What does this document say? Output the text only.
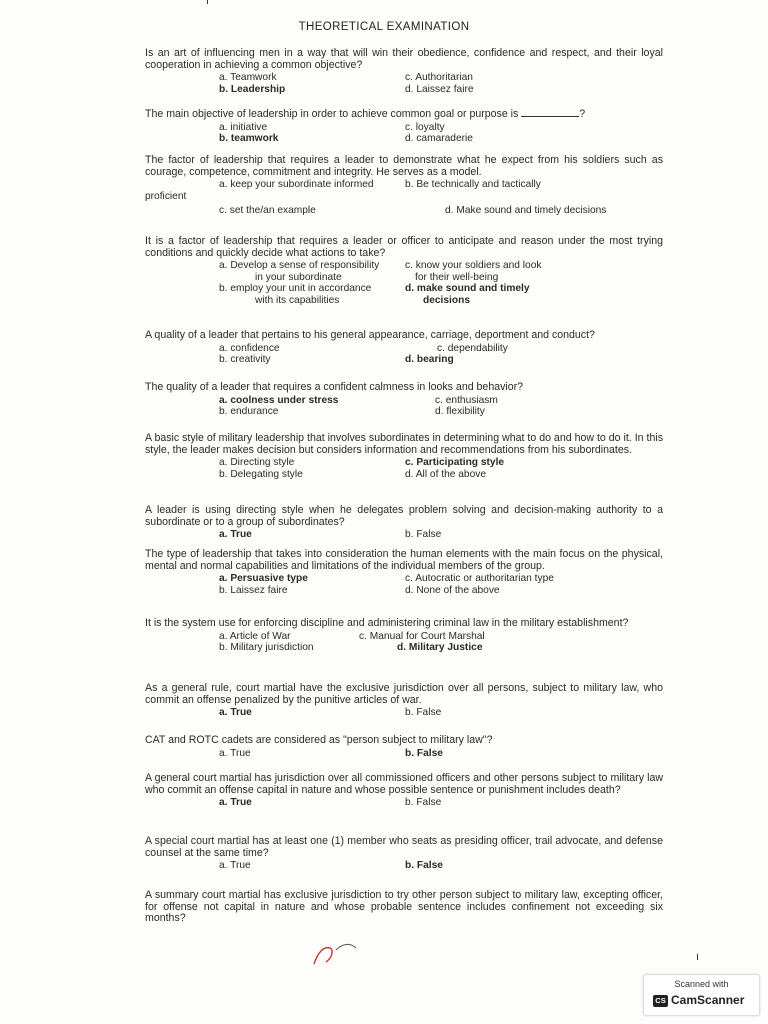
THEORETICAL EXAMINATION

Is an art of influencing men in a way that will win their obedience, confidence and respect, and their loyal cooperation in achieving a common objective?

a. Teamwork	c. Authoritarian
b. Leadership	d. Laissez faire

The main objective of leadership in order to achieve common goal or purpose is	?

a. initiative	c. loyalty
b. teamwork	d. camaraderie

The factor of leadership that requires a leader to demonstrate what he expect from his soldiers such as courage, competence, commitment and integrity. He serves as a model.

a. keep your subordinate informed	b. Be technically and tactically
proficient
c. set the/an example	d. Make sound and timely decisions

It is a factor of leadership that requires a leader or officer to anticipate and reason under the most trying conditions and quickly decide what actions to take?

a. Develop a sense of responsibility	c. know your soldiers and look
in your subordinate	for their well-being
b. employ your unit in accordance	d. make sound and timely
with its capabilities	decisions

A quality of a leader that pertains to his general appearance, carriage, deportment and conduct?

a. confidence	c. dependability
b. creativity	d. bearing

The quality of a leader that requires a confident calmness in looks and behavior?

a. coolness under stress	c. enthusiasm
b. endurance	d. flexibility

A basic style of military leadership that involves subordinates in determining what to do and how to do it. In this style, the leader makes decision but considers information and recommendations from his subordinates.

a. Directing style	c. Participating style
b. Delegating style	d. All of the above

A leader is using directing style when he delegates problem solving and decision-making authority to a subordinate or to a group of subordinates?

a. True	b. False

The type of leadership that takes into consideration the human elements with the main focus on the physical, mental and normal capabilities and limitations of the individual members of the group.

a. Persuasive type	c. Autocratic or authoritarian type
b. Laissez faire	d. None of the above

It is the system use for enforcing discipline and administering criminal law in the military establishment?

a. Article of War	c. Manual for Court Marshal
b. Military jurisdiction	d. Military Justice

As a general rule, court martial have the exclusive jurisdiction over all persons, subject to military law, who commit an offense penalized by the punitive articles of war.

a. True	b. False

CAT and ROTC cadets are considered as "person subject to military law"?

a. True	b. False

A general court martial has jurisdiction over all commissioned officers and other persons subject to military law who commit an offense capital in nature and whose possible sentence or punishment includes death?

a. True	b. False

A special court martial has at least one (1) member who seats as presiding officer, trail advocate, and defense counsel at the same time?

a. True	b. False

A summary court martial has exclusive jurisdiction to try other person subject to military law, excepting officer, for offense not capital in nature and whose probable sentence includes confinement not exceeding six months?

Scanned with
CS CamScanner
